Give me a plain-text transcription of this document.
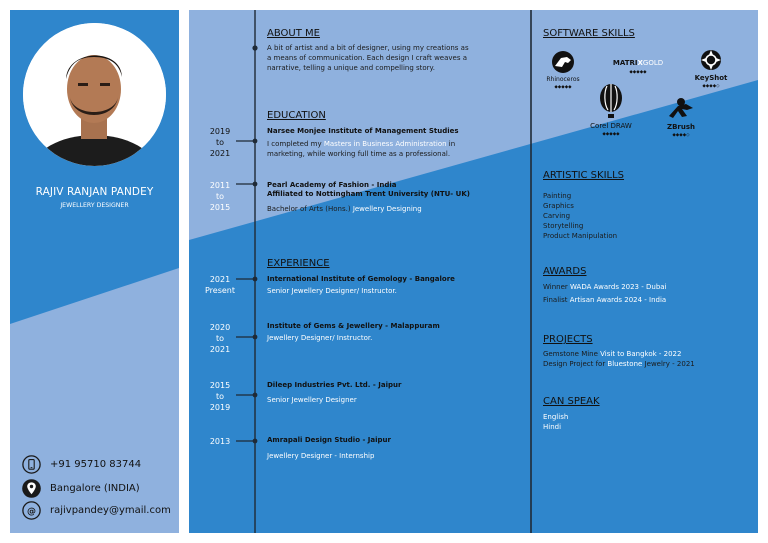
RAJIV RANJAN PANDEY
JEWELLERY DESIGNER
+91 95710 83744
Bangalore (INDIA)
@ rajivpandey@ymail.com
ABOUT ME
A bit of artist and a bit of designer, using my creations as
a means of communication. Each design I craft weaves a
narrative, telling a unique and compelling story.
EDUCATION
2019
to
2021
Narsee Monjee Institute of Management Studies
I completed my Masters in Business Administration in
marketing, while working full time as a professional.
2011
to
2015
Pearl Academy of Fashion - India
Affiliated to Nottingham Trent University (NTU- UK)
Bachelor of Arts (Hons.) Jewellery Designing
EXPERIENCE
2021
Present
International Institute of Gemology - Bangalore
Senior Jewellery Designer/ Instructor.
2020
to
2021
Institute of Gems & Jewellery - Malappuram
Jewellery Designer/ Instructor.
2015
to
2019
Dileep Industries Pvt. Ltd. - Jaipur
Senior Jewellery Designer
2013	Amrapali Design Studio - Jaipur
Jewellery Designer - Internship
SOFTWARE SKILLS
Rhinoceros
◆◆◆◆◆
MATRIXGOLD
◆◆◆◆◆
KeyShot
◆◆◆◆◇
Corel DRAW
◆◆◆◆◆
ZBrush
◆◆◆◆◇
ARTISTIC SKILLS
Painting
Graphics
Carving
Storytelling
Product Manipulation
AWARDS
Winner WADA Awards 2023 - Dubai
Finalist Artisan Awards 2024 - India
PROJECTS
Gemstone Mine Visit to Bangkok - 2022
Design Project for Bluestone Jewelry - 2021
CAN SPEAK
English
Hindi
